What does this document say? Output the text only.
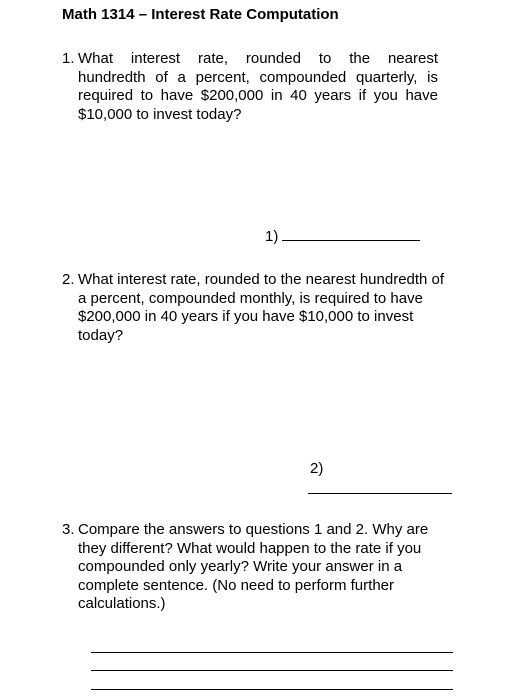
Math 1314 – Interest Rate Computation
1. What interest rate, rounded to the nearest
hundredth of a percent, compounded quarterly, is
required to have $200,000 in 40 years if you have
$10,000 to invest today?
1)
2. What interest rate, rounded to the nearest hundredth of
a percent, compounded monthly, is required to have
$200,000 in 40 years if you have $10,000 to invest
today?
2)
3. Compare the answers to questions 1 and 2. Why are
they different? What would happen to the rate if you
compounded only yearly? Write your answer in a
complete sentence. (No need to perform further
calculations.)
